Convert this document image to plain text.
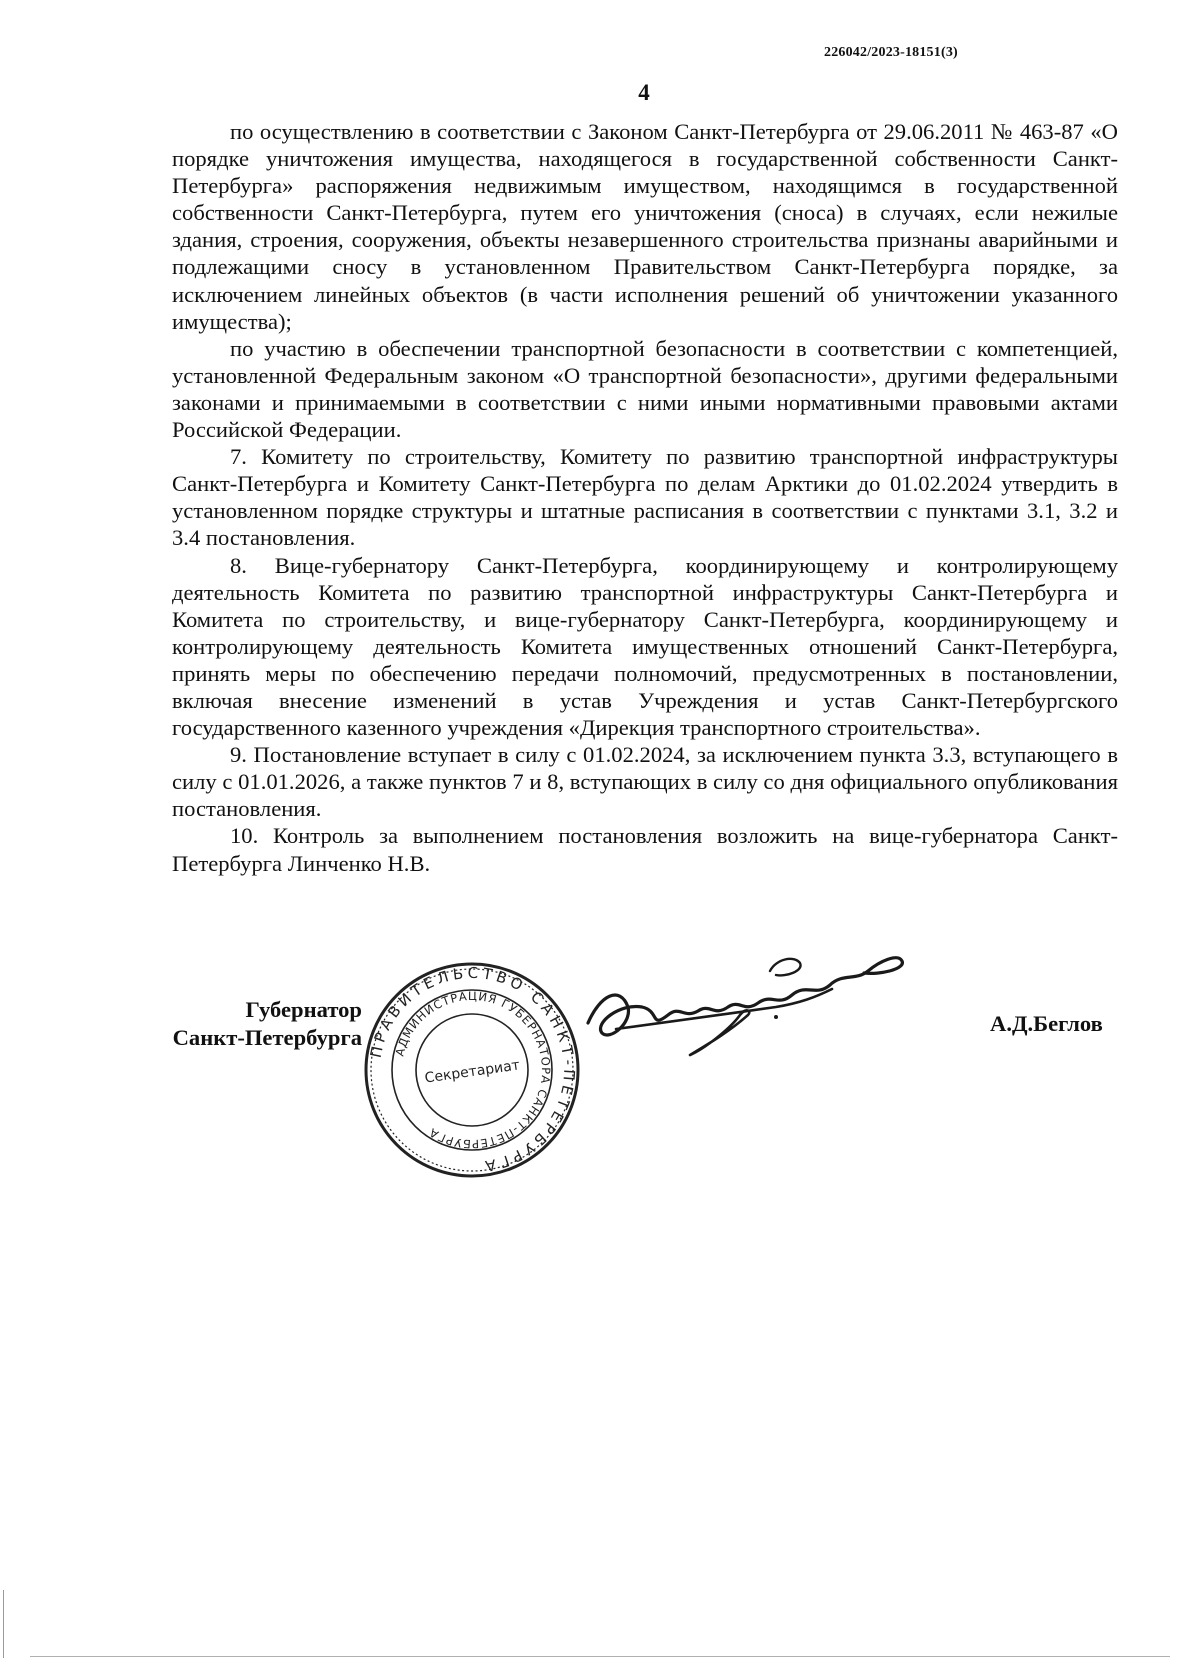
226042/2023-18151(3)
4

по осуществлению в соответствии с Законом Санкт-Петербурга от 29.06.2011 № 463-87 «О порядке уничтожения имущества, находящегося в государственной собственности Санкт-Петербурга» распоряжения недвижимым имуществом, находящимся в государственной собственности Санкт-Петербурга, путем его уничтожения (сноса) в случаях, если нежилые здания, строения, сооружения, объекты незавершенного строительства признаны аварийными и подлежащими сносу в установленном Правительством Санкт-Петербурга порядке, за исключением линейных объектов (в части исполнения решений об уничтожении указанного имущества);

по участию в обеспечении транспортной безопасности в соответствии с компетенцией, установленной Федеральным законом «О транспортной безопасности», другими федеральными законами и принимаемыми в соответствии с ними иными нормативными правовыми актами Российской Федерации.

7. Комитету по строительству, Комитету по развитию транспортной инфраструктуры Санкт-Петербурга и Комитету Санкт-Петербурга по делам Арктики до 01.02.2024 утвердить в установленном порядке структуры и штатные расписания в соответствии с пунктами 3.1, 3.2 и 3.4 постановления.

8. Вице-губернатору Санкт-Петербурга, координирующему и контролирующему деятельность Комитета по развитию транспортной инфраструктуры Санкт-Петербурга и Комитета по строительству, и вице-губернатору Санкт-Петербурга, координирующему и контролирующему деятельность Комитета имущественных отношений Санкт-Петербурга, принять меры по обеспечению передачи полномочий, предусмотренных в постановлении, включая внесение изменений в устав Учреждения и устав Санкт-Петербургского государственного казенного учреждения «Дирекция транспортного строительства».

9. Постановление вступает в силу с 01.02.2024, за исключением пункта 3.3, вступающего в силу с 01.01.2026, а также пунктов 7 и 8, вступающих в силу со дня официального опубликования постановления.

10. Контроль за выполнением постановления возложить на вице-губернатора Санкт-Петербурга Линченко Н.В.

Губернатор
Санкт-Петербурга ПРАВИТЕЛЬСТВО САНКТ-ПЕТЕРБУРГА
АДМИНИСТРАЦИЯ ГУБЕРНАТОРА САНКТ-ПЕТЕРБУРГА
Секретариат
А.Д.Беглов
